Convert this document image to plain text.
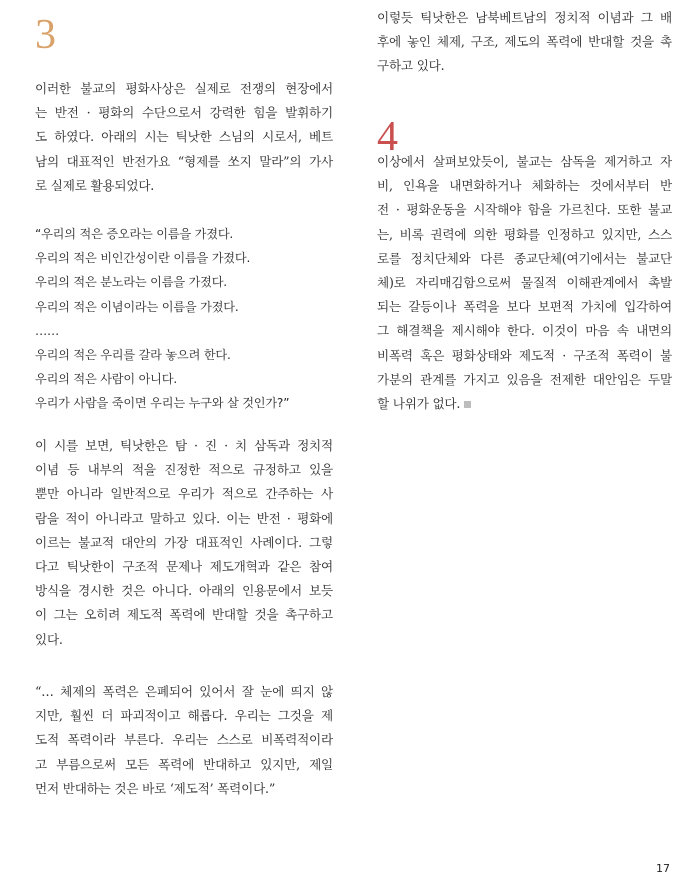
3

이러한 불교의 평화사상은 실제로 전쟁의 현장에서
는 반전 · 평화의 수단으로서 강력한 힘을 발휘하기
도 하였다. 아래의 시는 틱낫한 스님의 시로서, 베트
남의 대표적인 반전가요 “형제를 쏘지 말라”의 가사
로 실제로 활용되었다.

“우리의 적은 증오라는 이름을 가졌다.
우리의 적은 비인간성이란 이름을 가졌다.
우리의 적은 분노라는 이름을 가졌다.
우리의 적은 이념이라는 이름을 가졌다.
……
우리의 적은 우리를 갈라 놓으려 한다.
우리의 적은 사람이 아니다.
우리가 사람을 죽이면 우리는 누구와 살 것인가?”

이 시를 보면, 틱낫한은 탐 · 진 · 치 삼독과 정치적
이념 등 내부의 적을 진정한 적으로 규정하고 있을
뿐만 아니라 일반적으로 우리가 적으로 간주하는 사
람을 적이 아니라고 말하고 있다. 이는 반전 · 평화에
이르는 불교적 대안의 가장 대표적인 사례이다. 그렇
다고 틱낫한이 구조적 문제나 제도개혁과 같은 참여
방식을 경시한 것은 아니다. 아래의 인용문에서 보듯
이 그는 오히려 제도적 폭력에 반대할 것을 촉구하고
있다.

“… 체제의 폭력은 은폐되어 있어서 잘 눈에 띄지 않
지만, 훨씬 더 파괴적이고 해롭다. 우리는 그것을 제
도적 폭력이라 부른다. 우리는 스스로 비폭력적이라
고 부름으로써 모든 폭력에 반대하고 있지만, 제일
먼저 반대하는 것은 바로 ‘제도적’ 폭력이다.”

이렇듯 틱낫한은 남북베트남의 정치적 이념과 그 배
후에 놓인 체제, 구조, 제도의 폭력에 반대할 것을 촉
구하고 있다.

4

이상에서 살펴보았듯이, 불교는 삼독을 제거하고 자
비, 인욕을 내면화하거나 체화하는 것에서부터 반
전 · 평화운동을 시작해야 함을 가르친다. 또한 불교
는, 비록 권력에 의한 평화를 인정하고 있지만, 스스
로를 정치단체와 다른 종교단체(여기에서는 불교단
체)로 자리매김함으로써 물질적 이해관계에서 촉발
되는 갈등이나 폭력을 보다 보편적 가치에 입각하여
그 해결책을 제시해야 한다. 이것이 마음 속 내면의
비폭력 혹은 평화상태와 제도적 · 구조적 폭력이 불
가분의 관계를 가지고 있음을 전제한 대안임은 두말
할 나위가 없다.

17
